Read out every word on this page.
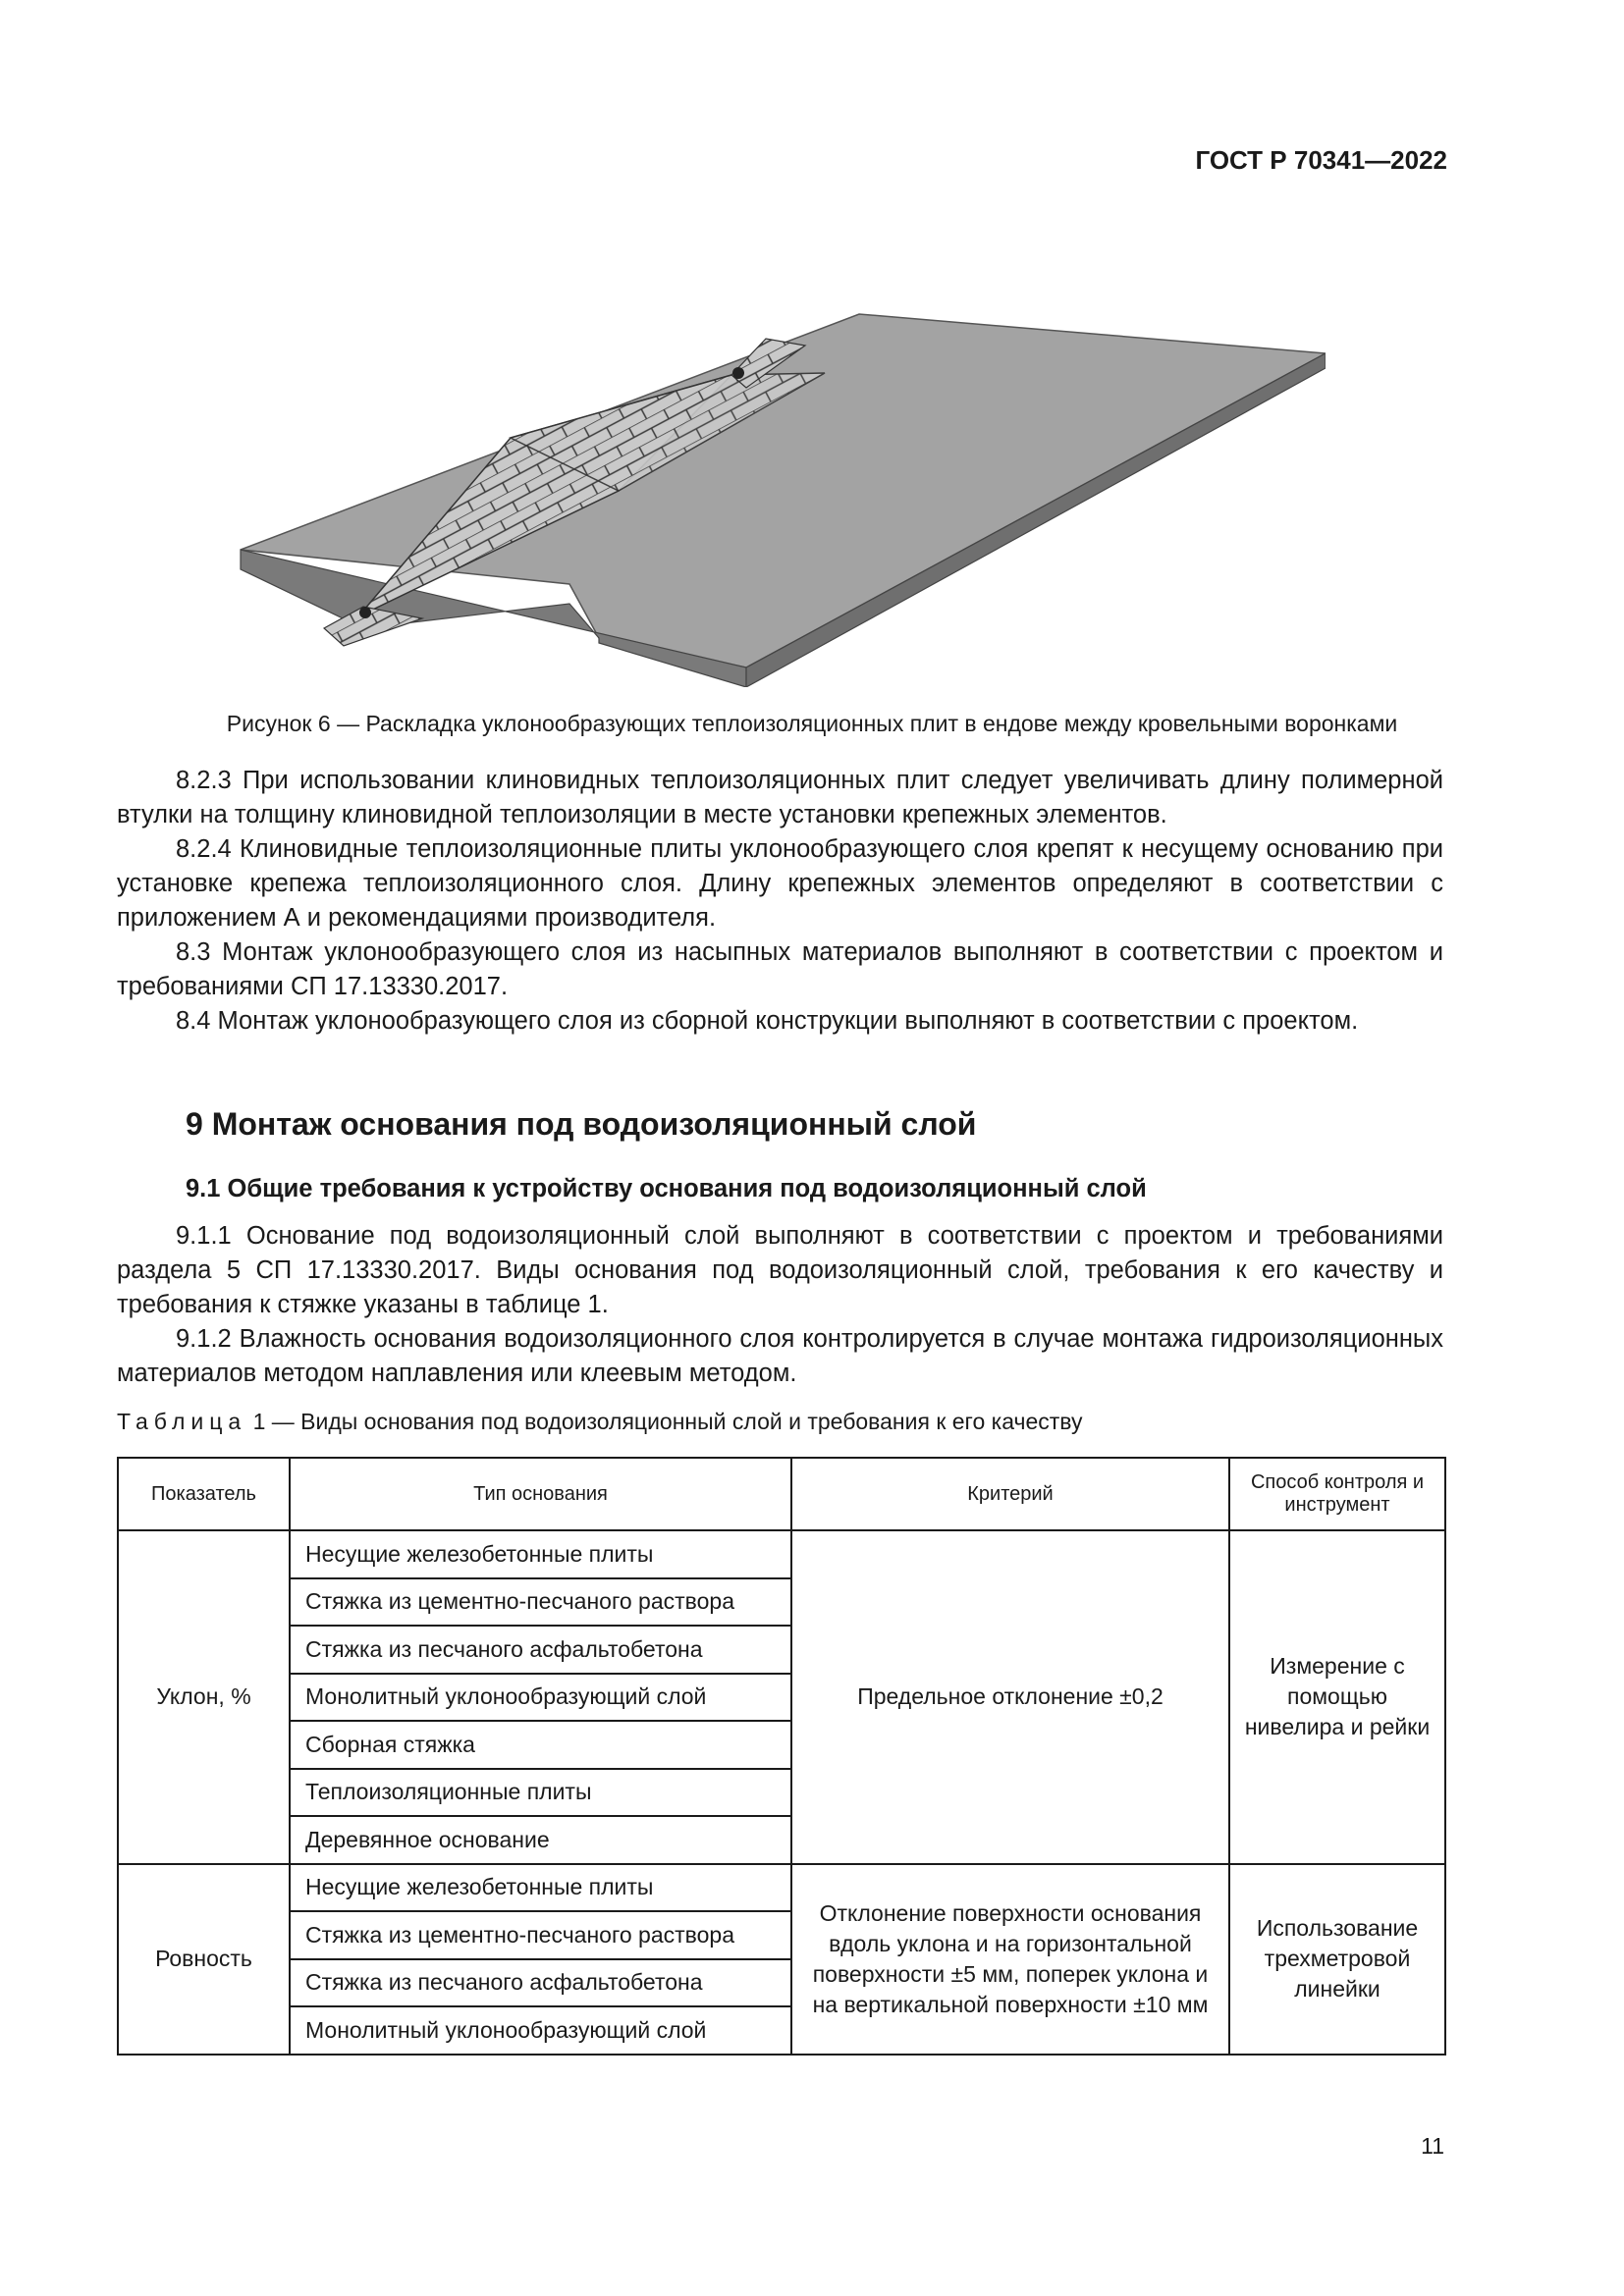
ГОСТ Р 70341—2022
Рисунок 6 — Раскладка уклонообразующих теплоизоляционных плит в ендове между кровельными воронками

8.2.3 При использовании клиновидных теплоизоляционных плит следует увеличивать длину полимерной втулки на толщину клиновидной теплоизоляции в месте установки крепежных элементов.

8.2.4 Клиновидные теплоизоляционные плиты уклонообразующего слоя крепят к несущему основанию при установке крепежа теплоизоляционного слоя. Длину крепежных элементов определяют в соответствии с приложением А и рекомендациями производителя.

8.3 Монтаж уклонообразующего слоя из насыпных материалов выполняют в соответствии с проектом и требованиями СП 17.13330.2017.

8.4 Монтаж уклонообразующего слоя из сборной конструкции выполняют в соответствии с проектом.

9 Монтаж основания под водоизоляционный слой
9.1 Общие требования к устройству основания под водоизоляционный слой

9.1.1 Основание под водоизоляционный слой выполняют в соответствии с проектом и требованиями раздела 5 СП 17.13330.2017. Виды основания под водоизоляционный слой, требования к его качеству и требования к стяжке указаны в таблице 1.

9.1.2 Влажность основания водоизоляционного слоя контролируется в случае монтажа гидроизоляционных материалов методом наплавления или клеевым методом.

Таблица 1 — Виды основания под водоизоляционный слой и требования к его качеству
Показатель	Тип основания	Критерий	Способ контроля и инструмент
Уклон, %	Несущие железобетонные плиты	Предельное отклонение ±0,2	Измерение с помощью нивелира и рейки
	Стяжка из цементно-песчаного раствора		
	Стяжка из песчаного асфальтобетона		
	Монолитный уклонообразующий слой		
	Сборная стяжка		
	Теплоизоляционные плиты		
	Деревянное основание		
Ровность	Несущие железобетонные плиты	Отклонение поверхности основания вдоль уклона и на горизонтальной поверхности ±5 мм, поперек уклона и на вертикальной поверхности ±10 мм	Использование трехметровой линейки
	Стяжка из цементно-песчаного раствора		
	Стяжка из песчаного асфальтобетона		
	Монолитный уклонообразующий слой		
11
